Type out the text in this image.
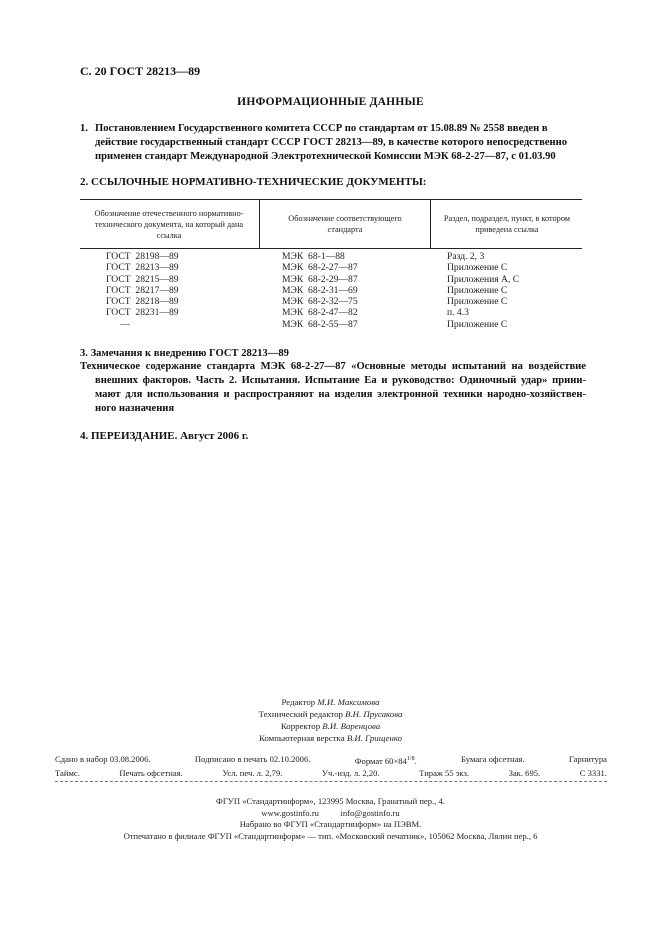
С. 20 ГОСТ 28213—89
ИНФОРМАЦИОННЫЕ ДАННЫЕ
1. Постановлением Государственного комитета СССР по стандартам от 15.08.89 № 2558 введен в
действие государственный стандарт СССР ГОСТ 28213—89, в качестве которого непосредственно
применен стандарт Международной Электротехнической Комиссии МЭК 68-2-27—87, с 01.03.90
2. ССЫЛОЧНЫЕ НОРМАТИВНО-ТЕХНИЧЕСКИЕ ДОКУМЕНТЫ:
Обозначение отечественного нормативно-технического документа, на который дана ссылка
Обозначение соответствующего стандарта
Раздел, подраздел, пункт, в котором приведена ссылка
ГОСТ  28198—89	МЭК  68-1—88	Разд. 2, 3
ГОСТ  28213—89	МЭК  68-2-27—87	Приложение С
ГОСТ  28215—89	МЭК  68-2-29—87	Приложения А, С
ГОСТ  28217—89	МЭК  68-2-31—69	Приложение С
ГОСТ  28218—89	МЭК  68-2-32—75	Приложение С
ГОСТ  28231—89	МЭК  68-2-47—82	п. 4.3
—	МЭК  68-2-55—87	Приложение С
3. Замечания к внедрению ГОСТ 28213—89
Техническое содержание стандарта МЭК 68-2-27—87 «Основные методы испытаний на воздействие
внешних факторов. Часть 2. Испытания. Испытание Еа и руководство: Одиночный удар» прини-
мают для использования и распространяют на изделия электронной техники народно-хозяйствен-
ного назначения
4. ПЕРЕИЗДАНИЕ. Август 2006 г.
Редактор М.И. Максимова
Технический редактор В.Н. Прусакова
Корректор В.И. Варенцова
Компьютерная верстка В.И. Грищенко
Сдано в набор 03.08.2006.	Подписано в печать 02.10.2006.	Формат $60\times 84^{1/8}$.	Бумага офсетная.	Гарнитура
Таймс.	Печать офсетная.	Усл. печ. л. 2,79.	Уч.-изд. л. 2,20.	Тираж 55 экз.	Зак. 695.	С 3331.
ФГУП «Стандартинформ», 123995 Москва, Гранатный пер., 4.
www.gostinfo.ru          info@gostinfo.ru
Набрано во ФГУП «Стандартинформ» на ПЭВМ.
Отпечатано в филиале ФГУП «Стандартинформ» — тип. «Московский печатник», 105062 Москва, Лялин пер., 6
